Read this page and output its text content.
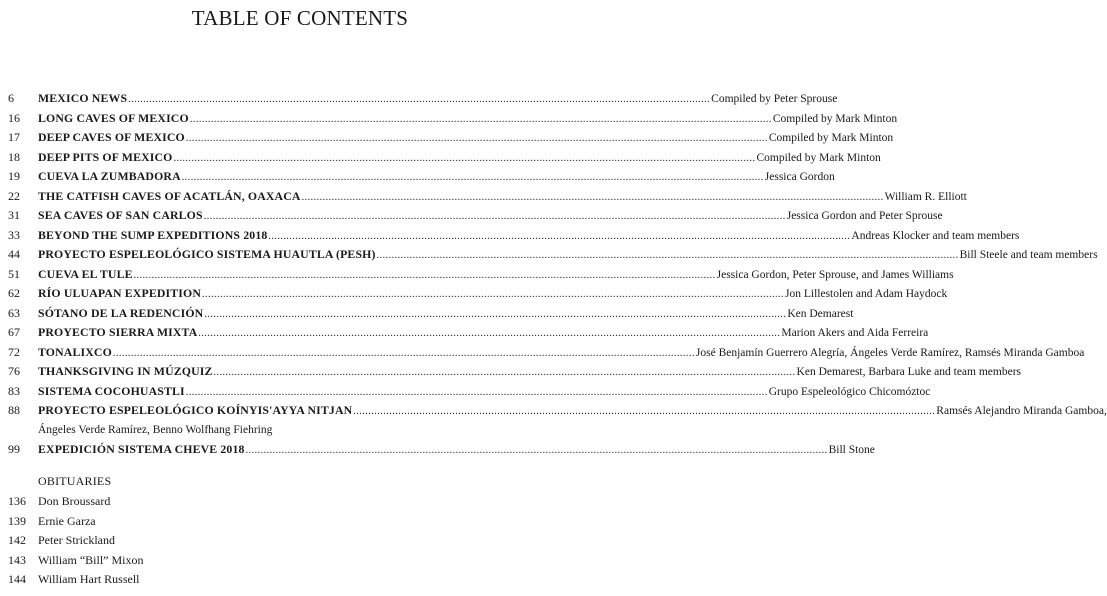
TABLE OF CONTENTS
6 MEXICO NEWS .................................................................................................................................................................................................. Compiled by Peter Sprouse
16 LONG CAVES OF MEXICO .................................................................................................................................................................................................. Compiled by Mark Minton
17 DEEP CAVES OF MEXICO .................................................................................................................................................................................................. Compiled by Mark Minton
18 DEEP PITS OF MEXICO .................................................................................................................................................................................................. Compiled by Mark Minton
19 CUEVA LA ZUMBADORA .................................................................................................................................................................................................. Jessica Gordon
22 THE CATFISH CAVES OF ACATLÁN, OAXACA .................................................................................................................................................................................................. William R. Elliott
31 SEA CAVES OF SAN CARLOS .................................................................................................................................................................................................. Jessica Gordon and Peter Sprouse
33 BEYOND THE SUMP EXPEDITIONS 2018 .................................................................................................................................................................................................. Andreas Klocker and team members
44 PROYECTO ESPELEOLÓGICO SISTEMA HUAUTLA (PESH) .................................................................................................................................................................................................. Bill Steele and team members
51 CUEVA EL TULE .................................................................................................................................................................................................. Jessica Gordon, Peter Sprouse, and James Williams
62 RÍO ULUAPAN EXPEDITION .................................................................................................................................................................................................. Jon Lillestolen and Adam Haydock
63 SÓTANO DE LA REDENCIÓN .................................................................................................................................................................................................. Ken Demarest
67 PROYECTO SIERRA MIXTA .................................................................................................................................................................................................. Marion Akers and Aida Ferreira
72 TONALIXCO .................................................................................................................................................................................................. José Benjamín Guerrero Alegría, Ángeles Verde Ramírez, Ramsés Miranda Gamboa
76 THANKSGIVING IN MÚZQUIZ .................................................................................................................................................................................................. Ken Demarest, Barbara Luke and team members
83 SISTEMA COCOHUASTLI .................................................................................................................................................................................................. Grupo Espeleológico Chicomóztoc
88 PROYECTO ESPELEOLÓGICO KOÍNYIS'AYYA NITJAN .................................................................................................................................................................................................. Ramsés Alejandro Miranda Gamboa,
Ángeles Verde Ramírez, Benno Wolfhang Fiehring
99 EXPEDICIÓN SISTEMA CHEVE 2018 .................................................................................................................................................................................................. Bill Stone
OBITUARIES
136 Don Broussard
139 Ernie Garza
142 Peter Strickland
143 William “Bill” Mixon
144 William Hart Russell
